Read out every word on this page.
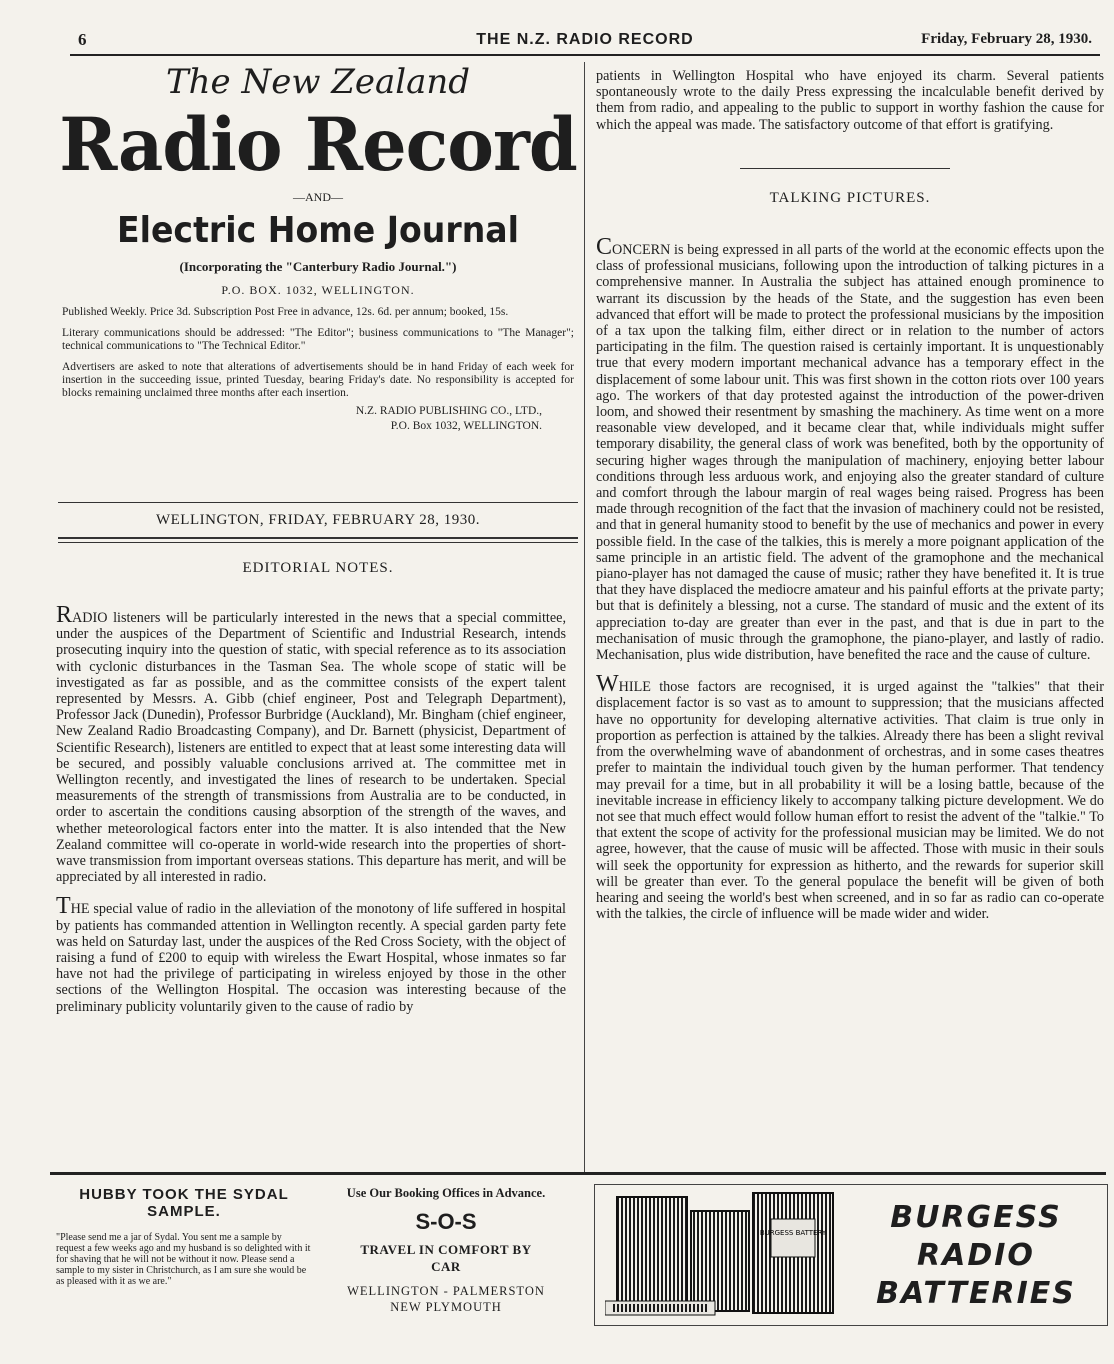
6	THE N.Z. RADIO RECORD	Friday, February 28, 1930.
The New Zealand
Radio Record
—AND—
Electric Home Journal
(Incorporating the "Canterbury Radio Journal.")
P.O. BOX. 1032, WELLINGTON.
Published Weekly. Price 3d. Subscription Post Free in advance, 12s. 6d. per annum; booked, 15s.
Literary communications should be addressed: "The Editor"; business communications to "The Manager"; technical communications to "The Technical Editor."
Advertisers are asked to note that alterations of advertisements should be in hand Friday of each week for insertion in the succeeding issue, printed Tuesday, bearing Friday's date. No responsibility is accepted for blocks remaining unclaimed three months after each insertion.
N.Z. RADIO PUBLISHING CO., LTD.,
P.O. Box 1032, WELLINGTON.
WELLINGTON, FRIDAY, FEBRUARY 28, 1930.
EDITORIAL NOTES.

RADIO listeners will be particularly interested in the news that a special committee, under the auspices of the Department of Scientific and Industrial Research, intends prosecuting inquiry into the question of static, with special reference as to its association with cyclonic disturbances in the Tasman Sea. The whole scope of static will be investigated as far as possible, and as the committee consists of the expert talent represented by Messrs. A. Gibb (chief engineer, Post and Telegraph Department), Professor Jack (Dunedin), Professor Burbridge (Auckland), Mr. Bingham (chief engineer, New Zealand Radio Broadcasting Company), and Dr. Barnett (physicist, Department of Scientific Research), listeners are entitled to expect that at least some interesting data will be secured, and possibly valuable conclusions arrived at. The committee met in Wellington recently, and investigated the lines of research to be undertaken. Special measurements of the strength of transmissions from Australia are to be conducted, in order to ascertain the conditions causing absorption of the strength of the waves, and whether meteorological factors enter into the matter. It is also intended that the New Zealand committee will co-operate in world-wide research into the properties of short-wave transmission from important overseas stations. This departure has merit, and will be appreciated by all interested in radio.

THE special value of radio in the alleviation of the monotony of life suffered in hospital by patients has commanded attention in Wellington recently. A special garden party fete was held on Saturday last, under the auspices of the Red Cross Society, with the object of raising a fund of £200 to equip with wireless the Ewart Hospital, whose inmates so far have not had the privilege of participating in wireless enjoyed by those in the other sections of the Wellington Hospital. The occasion was interesting because of the preliminary publicity voluntarily given to the cause of radio by

patients in Wellington Hospital who have enjoyed its charm. Several patients spontaneously wrote to the daily Press expressing the incalculable benefit derived by them from radio, and appealing to the public to support in worthy fashion the cause for which the appeal was made. The satisfactory outcome of that effort is gratifying.

TALKING PICTURES.

CONCERN is being expressed in all parts of the world at the economic effects upon the class of professional musicians, following upon the introduction of talking pictures in a comprehensive manner. In Australia the subject has attained enough prominence to warrant its discussion by the heads of the State, and the suggestion has even been advanced that effort will be made to protect the professional musicians by the imposition of a tax upon the talking film, either direct or in relation to the number of actors participating in the film. The question raised is certainly important. It is unquestionably true that every modern important mechanical advance has a temporary effect in the displacement of some labour unit. This was first shown in the cotton riots over 100 years ago. The workers of that day protested against the introduction of the power-driven loom, and showed their resentment by smashing the machinery. As time went on a more reasonable view developed, and it became clear that, while individuals might suffer temporary disability, the general class of work was benefited, both by the opportunity of securing higher wages through the manipulation of machinery, enjoying better labour conditions through less arduous work, and enjoying also the greater standard of culture and comfort through the labour margin of real wages being raised. Progress has been made through recognition of the fact that the invasion of machinery could not be resisted, and that in general humanity stood to benefit by the use of mechanics and power in every possible field. In the case of the talkies, this is merely a more poignant application of the same principle in an artistic field. The advent of the gramophone and the mechanical piano-player has not damaged the cause of music; rather they have benefited it. It is true that they have displaced the mediocre amateur and his painful efforts at the private party; but that is definitely a blessing, not a curse. The standard of music and the extent of its appreciation to-day are greater than ever in the past, and that is due in part to the mechanisation of music through the gramophone, the piano-player, and lastly of radio. Mechanisation, plus wide distribution, have benefited the race and the cause of culture.

WHILE those factors are recognised, it is urged against the "talkies" that their displacement factor is so vast as to amount to suppression; that the musicians affected have no opportunity for developing alternative activities. That claim is true only in proportion as perfection is attained by the talkies. Already there has been a slight revival from the overwhelming wave of abandonment of orchestras, and in some cases theatres prefer to maintain the individual touch given by the human performer. That tendency may prevail for a time, but in all probability it will be a losing battle, because of the inevitable increase in efficiency likely to accompany talking picture development. We do not see that much effect would follow human effort to resist the advent of the "talkie." To that extent the scope of activity for the professional musician may be limited. We do not agree, however, that the cause of music will be affected. Those with music in their souls will seek the opportunity for expression as hitherto, and the rewards for superior skill will be greater than ever. To the general populace the benefit will be given of both hearing and seeing the world's best when screened, and in so far as radio can co-operate with the talkies, the circle of influence will be made wider and wider.

HUBBY TOOK THE SYDAL SAMPLE.
"Please send me a jar of Sydal. You sent me a sample by request a few weeks ago and my husband is so delighted with it for shaving that he will not be without it now. Please send a sample to my sister in Christchurch, as I am sure she would be as pleased with it as we are."
Use Our Booking Offices in Advance.
S-O-S
TRAVEL IN COMFORT BY
CAR
WELLINGTON - PALMERSTON
NEW PLYMOUTH
BURGESS BATTERY	BURGESS
RADIO
BATTERIES
